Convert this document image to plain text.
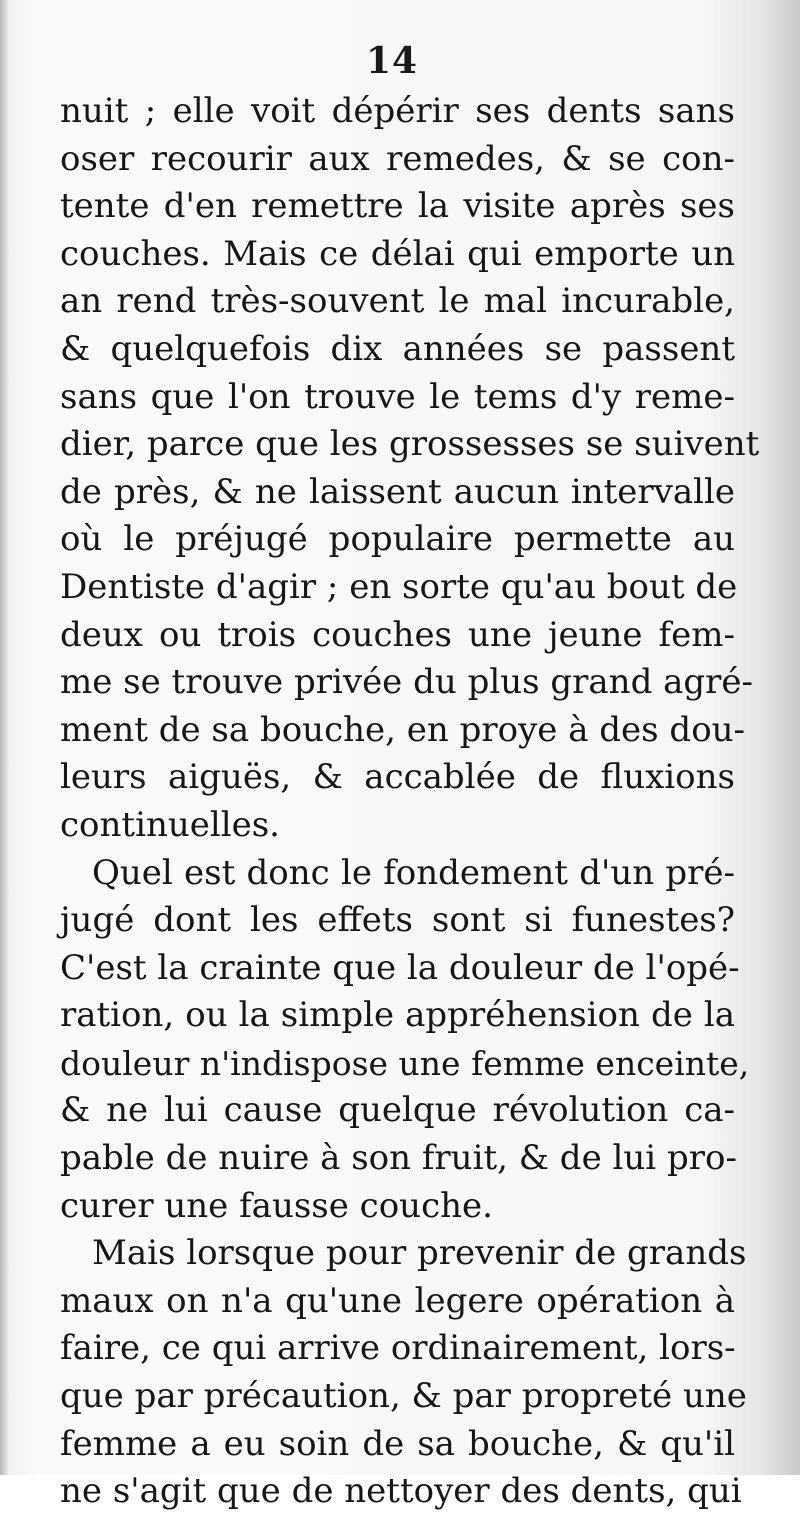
14
nuit ; elle voit dépérir ses dents sans
oser recourir aux remedes, & se con-
tente d'en remettre la visite après ses
couches. Mais ce délai qui emporte un
an rend très-souvent le mal incurable,
& quelquefois dix années se passent
sans que l'on trouve le tems d'y reme-
dier, parce que les grossesses se suivent
de près, & ne laissent aucun intervalle
où le préjugé populaire permette au
Dentiste d'agir ; en sorte qu'au bout de
deux ou trois couches une jeune fem-
me se trouve privée du plus grand agré-
ment de sa bouche, en proye à des dou-
leurs aiguës, & accablée de fluxions
continuelles.
Quel est donc le fondement d'un pré-
jugé dont les effets sont si funestes?
C'est la crainte que la douleur de l'opé-
ration, ou la simple appréhension de la
douleur n'indispose une femme enceinte,
& ne lui cause quelque révolution ca-
pable de nuire à son fruit, & de lui pro-
curer une fausse couche.
Mais lorsque pour prevenir de grands
maux on n'a qu'une legere opération à
faire, ce qui arrive ordinairement, lors-
que par précaution, & par propreté une
femme a eu soin de sa bouche, & qu'il
ne s'agit que de nettoyer des dents, qui
